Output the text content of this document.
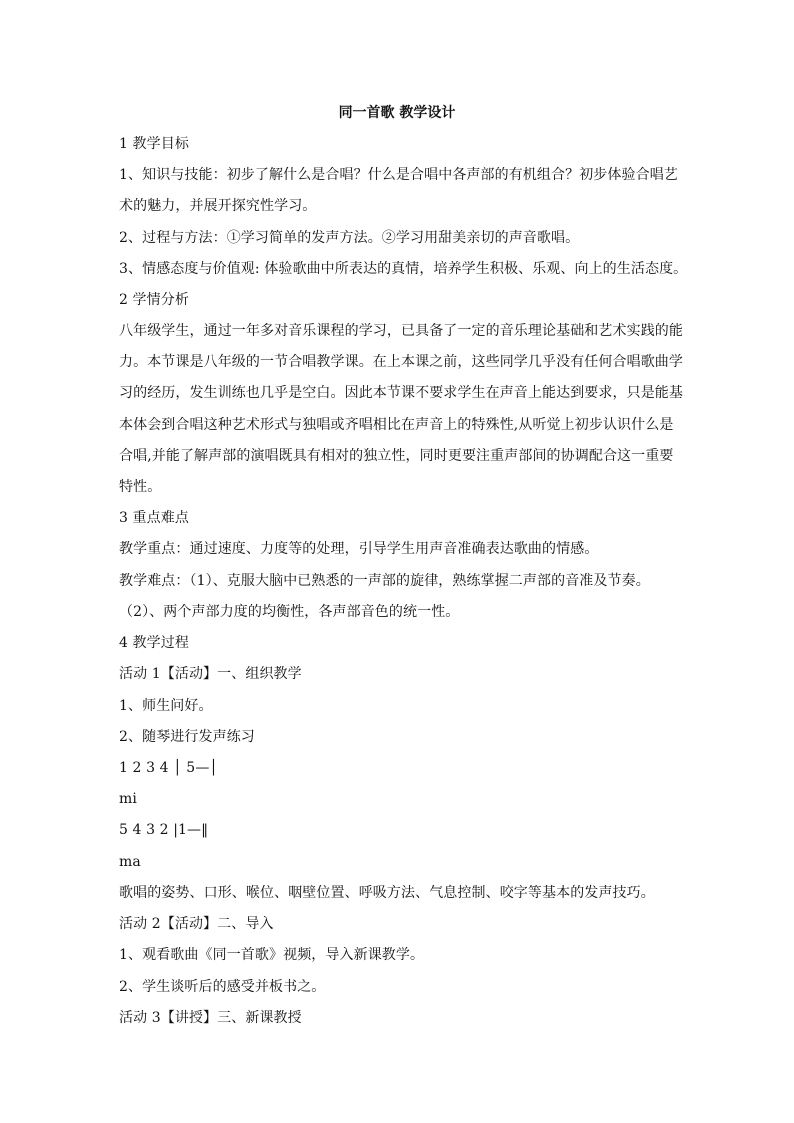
同一首歌 教学设计
1 教学目标
1、知识与技能：初步了解什么是合唱？什么是合唱中各声部的有机组合？初步体验合唱艺
术的魅力，并展开探究性学习。
2、过程与方法：①学习简单的发声方法。②学习用甜美亲切的声音歌唱。
3、情感态度与价值观: 体验歌曲中所表达的真情，培养学生积极、乐观、向上的生活态度。
2 学情分析
八年级学生，通过一年多对音乐课程的学习，已具备了一定的音乐理论基础和艺术实践的能
力。本节课是八年级的一节合唱教学课。在上本课之前，这些同学几乎没有任何合唱歌曲学
习的经历，发生训练也几乎是空白。因此本节课不要求学生在声音上能达到要求，只是能基
本体会到合唱这种艺术形式与独唱或齐唱相比在声音上的特殊性,从听觉上初步认识什么是
合唱,并能了解声部的演唱既具有相对的独立性，同时更要注重声部间的协调配合这一重要
特性。
3 重点难点
教学重点：通过速度、力度等的处理，引导学生用声音准确表达歌曲的情感。
教学难点：（1）、克服大脑中已熟悉的一声部的旋律，熟练掌握二声部的音准及节奏。
（2）、两个声部力度的均衡性，各声部音色的统一性。
4 教学过程
活动 1【活动】一、组织教学
1、师生问好。
2、随琴进行发声练习
1 2 3 4 │ 5—│
mi
5 4 3 2 |1—‖
ma
歌唱的姿势、口形、喉位、咽壁位置、呼吸方法、气息控制、咬字等基本的发声技巧。
活动 2【活动】二、导入
1、观看歌曲《同一首歌》视频，导入新课教学。
2、学生谈听后的感受并板书之。
活动 3【讲授】三、新课教授
